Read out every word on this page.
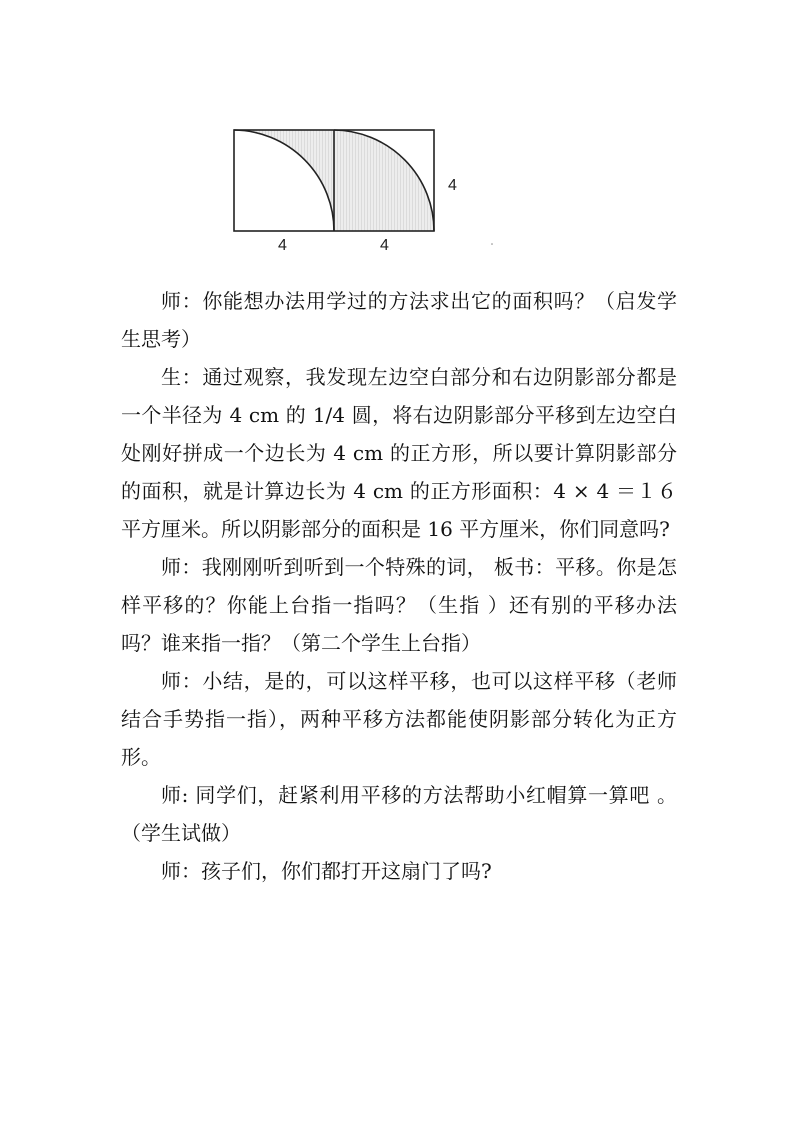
4
4	4

师：你能想办法用学过的方法求出它的面积吗？（启发学生思考）

生：通过观察，我发现左边空白部分和右边阴影部分都是一个半径为 4 cm 的 1/4 圆，将右边阴影部分平移到左边空白处刚好拼成一个边长为 4 cm 的正方形，所以要计算阴影部分的面积，就是计算边长为 4 cm 的正方形面积：4 × 4 ＝１６平方厘米。所以阴影部分的面积是 16 平方厘米，你们同意吗?

师：我刚刚听到听到一个特殊的词， 板书：平移。你是怎样平移的？你能上台指一指吗？（生指 ）还有别的平移办法吗？谁来指一指？（第二个学生上台指）

师：小结，是的，可以这样平移，也可以这样平移（老师结合手势指一指），两种平移方法都能使阴影部分转化为正方形。

师: 同学们，赶紧利用平移的方法帮助小红帽算一算吧 。（学生试做）

师：孩子们，你们都打开这扇门了吗?
